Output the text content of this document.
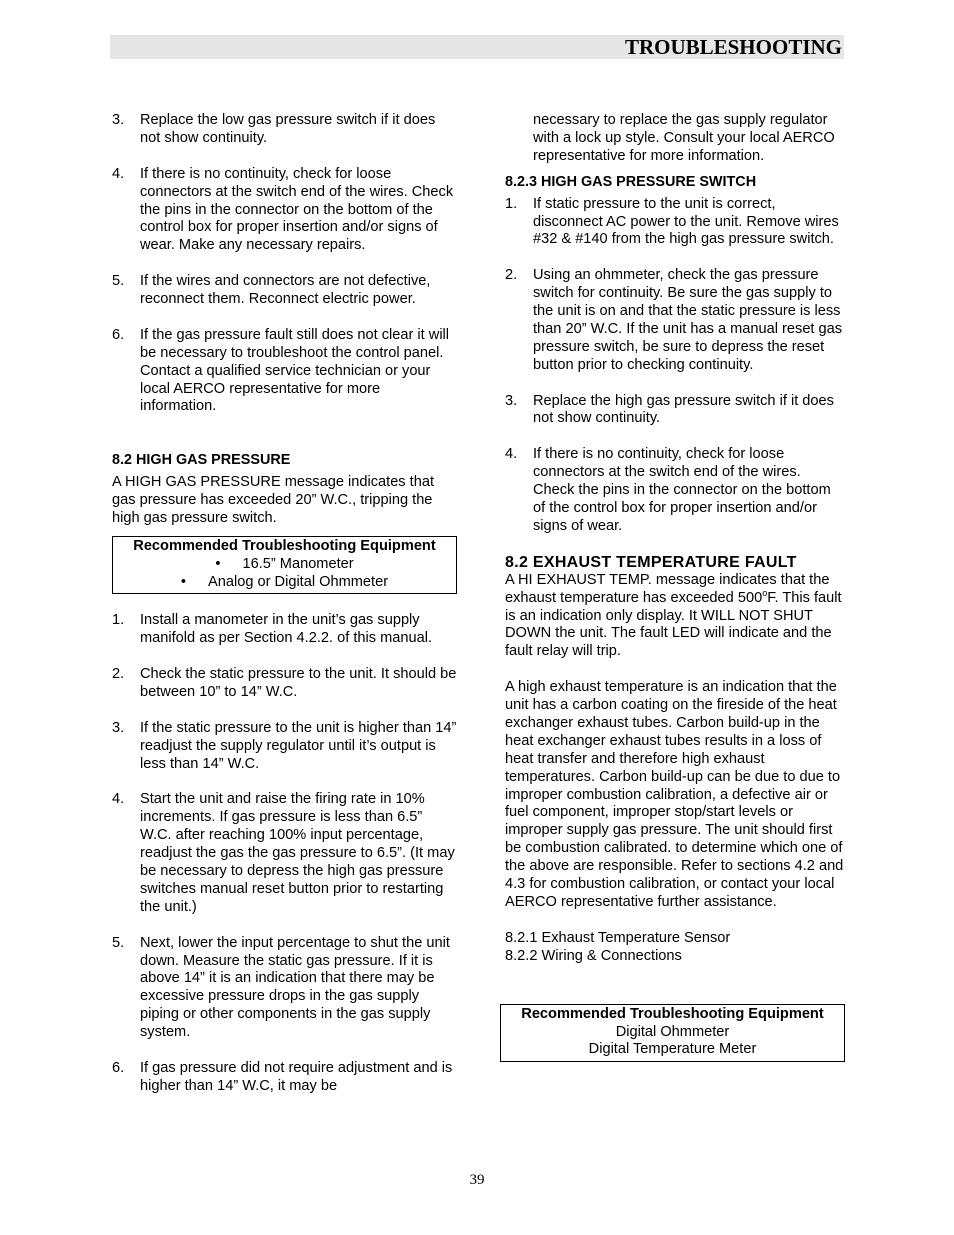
TROUBLESHOOTING
3. Replace the low gas pressure switch if it does not show continuity.
4. If there is no continuity, check for loose connectors at the switch end of the wires. Check the pins in the connector on the bottom of the control box for proper insertion and/or signs of wear. Make any necessary repairs.
5. If the wires and connectors are not defective, reconnect them. Reconnect electric power.
6. If the gas pressure fault still does not clear it will be necessary to troubleshoot the control panel. Contact a qualified service technician or your local AERCO representative for more information.
8.2 HIGH GAS PRESSURE
A HIGH GAS PRESSURE message indicates that gas pressure has exceeded 20” W.C., tripping the high gas pressure switch.
Recommended Troubleshooting Equipment
• 16.5” Manometer
• Analog or Digital Ohmmeter
1. Install a manometer in the unit’s gas supply manifold as per Section 4.2.2. of this manual.
2. Check the static pressure to the unit. It should be between 10” to 14” W.C.
3. If the static pressure to the unit is higher than 14” readjust the supply regulator until it’s output is less than 14” W.C.
4. Start the unit and raise the firing rate in 10% increments. If gas pressure is less than 6.5” W.C. after reaching 100% input percentage, readjust the gas the gas pressure to 6.5”. (It may be necessary to depress the high gas pressure switches manual reset button prior to restarting the unit.)
5. Next, lower the input percentage to shut the unit down. Measure the static gas pressure. If it is above 14” it is an indication that there may be excessive pressure drops in the gas supply piping or other components in the gas supply system.
6. If gas pressure did not require adjustment and is higher than 14” W.C, it may be
necessary to replace the gas supply regulator with a lock up style. Consult your local AERCO representative for more information.
8.2.3 HIGH GAS PRESSURE SWITCH
1. If static pressure to the unit is correct, disconnect AC power to the unit. Remove wires #32 & #140 from the high gas pressure switch.
2. Using an ohmmeter, check the gas pressure switch for continuity. Be sure the gas supply to the unit is on and that the static pressure is less than 20” W.C. If the unit has a manual reset gas pressure switch, be sure to depress the reset button prior to checking continuity.
3. Replace the high gas pressure switch if it does not show continuity.
4. If there is no continuity, check for loose connectors at the switch end of the wires. Check the pins in the connector on the bottom of the control box for proper insertion and/or signs of wear.
8.2 EXHAUST TEMPERATURE FAULT
A HI EXHAUST TEMP. message indicates that the exhaust temperature has exceeded 500$^o$F. This fault is an indication only display. It WILL NOT SHUT DOWN the unit. The fault LED will indicate and the fault relay will trip.
A high exhaust temperature is an indication that the unit has a carbon coating on the fireside of the heat exchanger exhaust tubes. Carbon build-up in the heat exchanger exhaust tubes results in a loss of heat transfer and therefore high exhaust temperatures. Carbon build-up can be due to due to improper combustion calibration, a defective air or fuel component, improper stop/start levels or improper supply gas pressure. The unit should first be combustion calibrated. to determine which one of the above are responsible. Refer to sections 4.2 and 4.3 for combustion calibration, or contact your local AERCO representative further assistance.
8.2.1 Exhaust Temperature Sensor
8.2.2 Wiring & Connections
Recommended Troubleshooting Equipment
Digital Ohmmeter
Digital Temperature Meter
39
